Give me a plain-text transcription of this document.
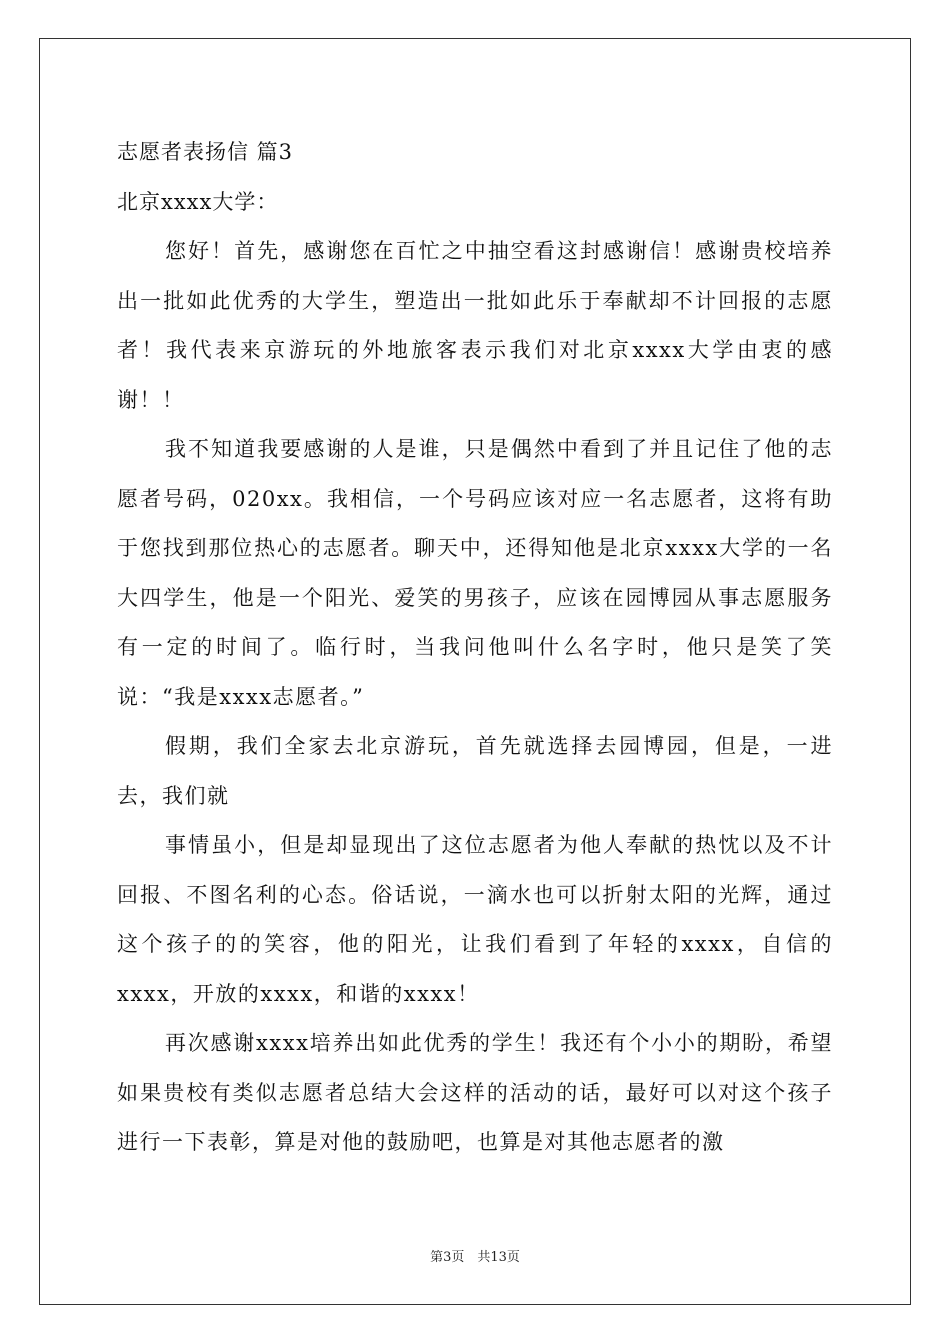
志愿者表扬信 篇3

北京xxxx大学：

您好！首先，感谢您在百忙之中抽空看这封感谢信！感谢贵校培养出一批如此优秀的大学生，塑造出一批如此乐于奉献却不计回报的志愿者！我代表来京游玩的外地旅客表示我们对北京xxxx大学由衷的感谢！！

我不知道我要感谢的人是谁，只是偶然中看到了并且记住了他的志愿者号码，020xx。我相信，一个号码应该对应一名志愿者，这将有助于您找到那位热心的志愿者。聊天中，还得知他是北京xxxx大学的一名大四学生，他是一个阳光、爱笑的男孩子，应该在园博园从事志愿服务有一定的时间了。临行时，当我问他叫什么名字时，他只是笑了笑说：“我是xxxx志愿者。”

假期，我们全家去北京游玩，首先就选择去园博园，但是，一进去，我们就

事情虽小，但是却显现出了这位志愿者为他人奉献的热忱以及不计回报、不图名利的心态。俗话说，一滴水也可以折射太阳的光辉，通过这个孩子的的笑容，他的阳光，让我们看到了年轻的xxxx，自信的xxxx，开放的xxxx，和谐的xxxx！

再次感谢xxxx培养出如此优秀的学生！我还有个小小的期盼，希望如果贵校有类似志愿者总结大会这样的活动的话，最好可以对这个孩子进行一下表彰，算是对他的鼓励吧，也算是对其他志愿者的激

第3页　共13页
